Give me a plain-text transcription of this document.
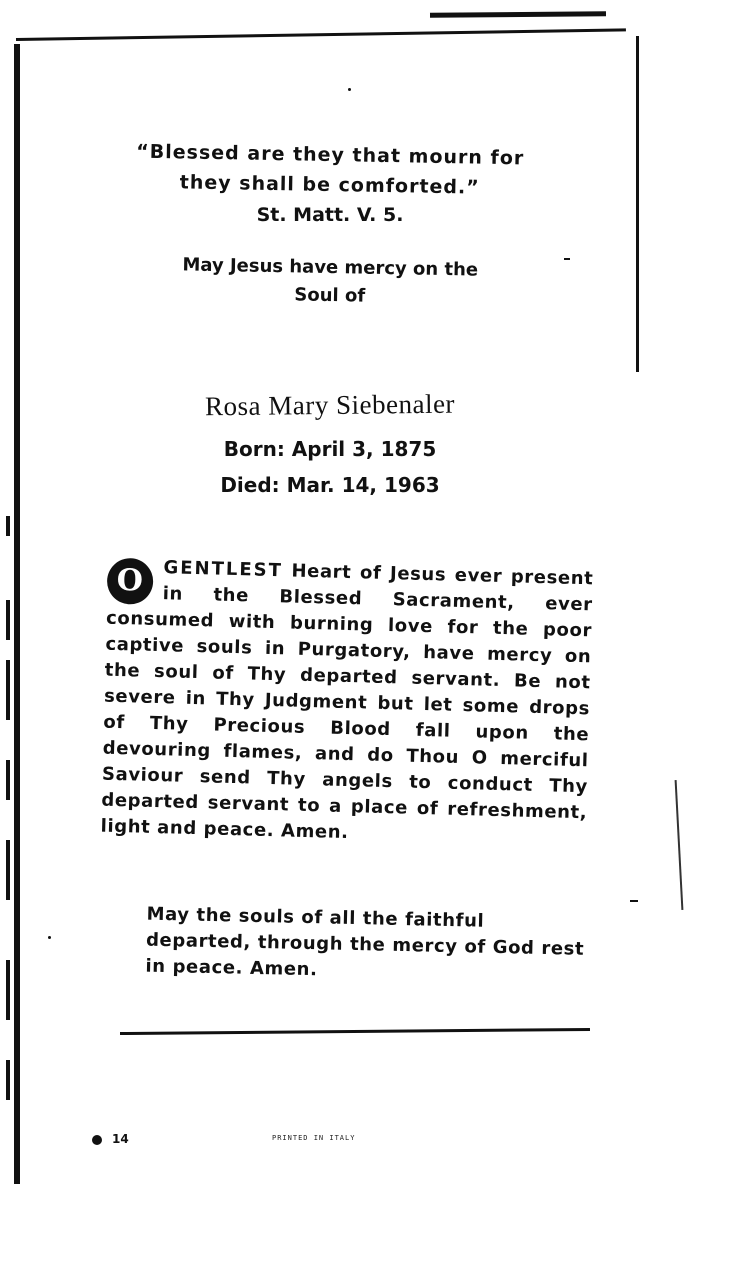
“Blessed are they that mourn for
they shall be comforted.”
St. Matt. V. 5.
May Jesus have mercy on the
Soul of
Rosa Mary Siebenaler
Born: April 3, 1875
Died: Mar. 14, 1963
O	GENTLEST Heart of Jesus ever present in the Blessed Sacrament, ever consumed with burning love for the poor captive souls in Purgatory, have mercy on the soul of Thy departed servant. Be not severe in Thy Judgment but let some drops of Thy Precious Blood fall upon the devouring flames, and do Thou O merciful Saviour send Thy angels to conduct Thy departed servant to a place of refreshment, light and peace. Amen.
May the souls of all the faithful departed, through the mercy of God rest in peace. Amen.
14	PRINTED IN ITALY
